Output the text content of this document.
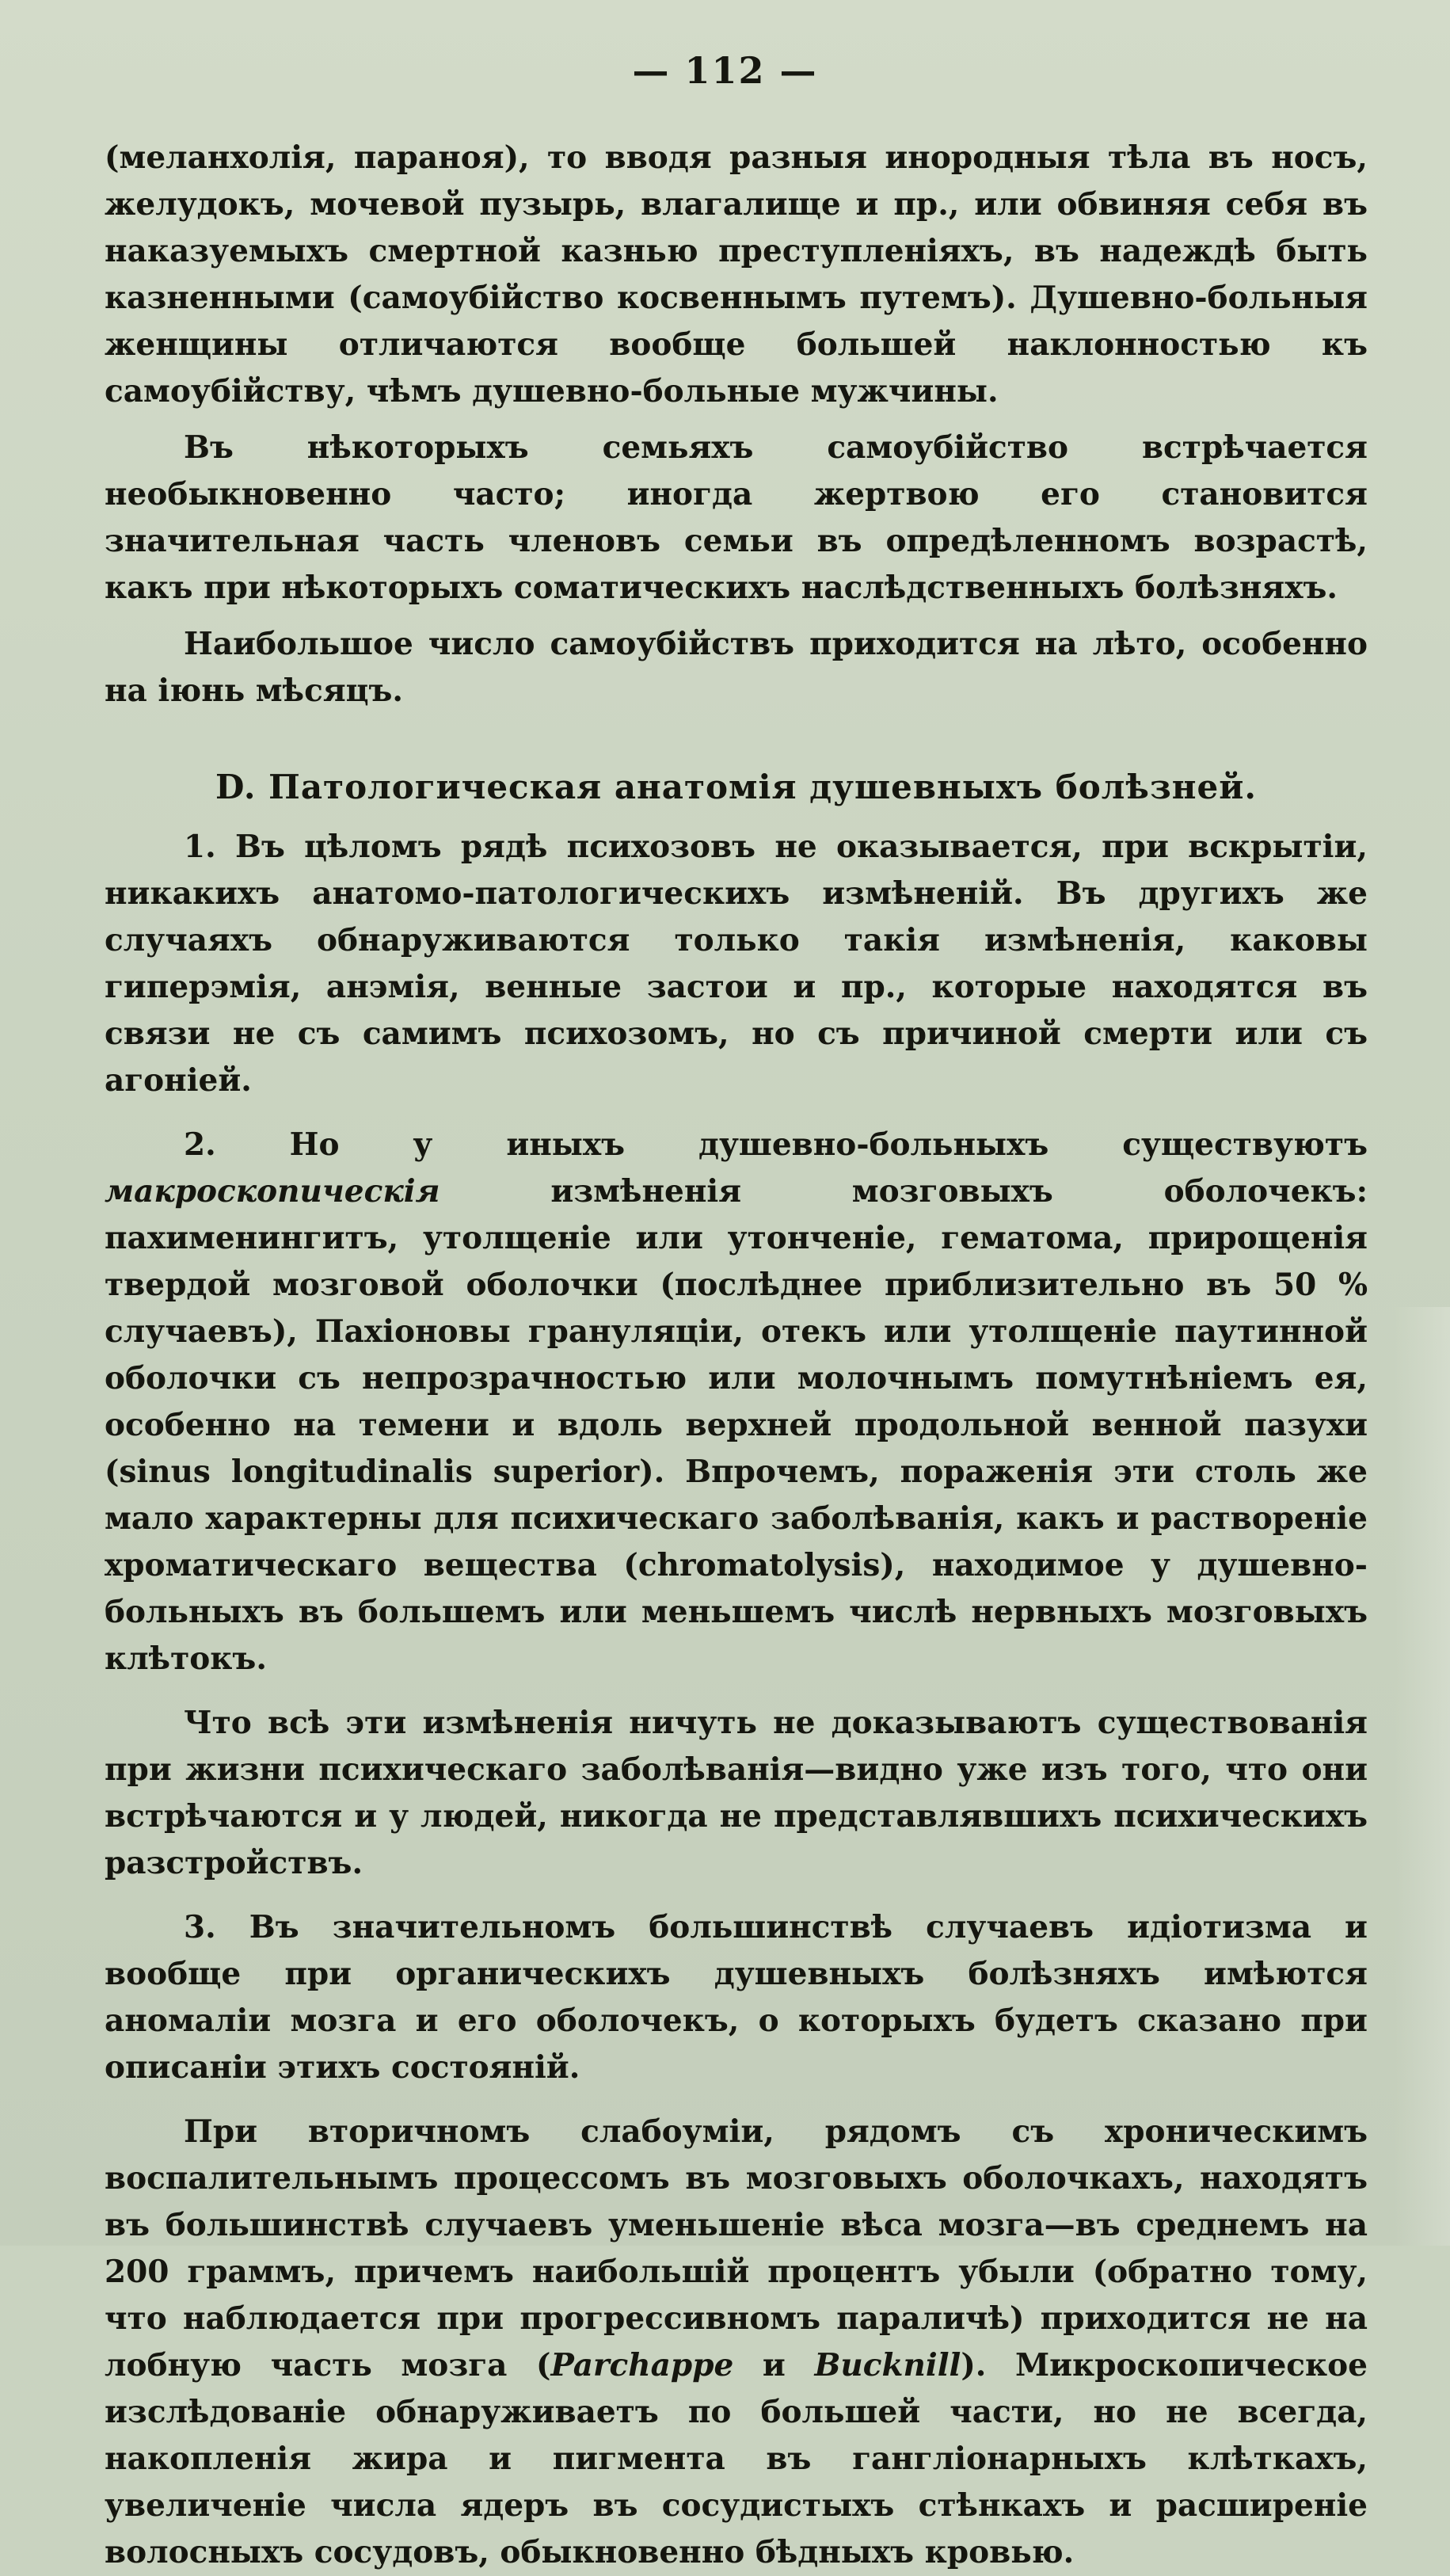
— 112 —

(меланхолія, параноя), то вводя разныя инородныя тѣла въ носъ, желудокъ, мочевой пузырь, влагалище и пр., или обвиняя себя въ наказуемыхъ смертной казнью преступленіяхъ, въ надеждѣ быть казненными (самоубійство косвеннымъ путемъ). Душевно-больныя женщины отличаются вообще большей наклонностью къ самоубійству, чѣмъ душевно-больные мужчины.

Въ нѣкоторыхъ семьяхъ самоубійство встрѣчается необыкновенно часто; иногда жертвою его становится значительная часть членовъ семьи въ опредѣленномъ возрастѣ, какъ при нѣкоторыхъ соматическихъ наслѣдственныхъ болѣзняхъ.

Наибольшое число самоубійствъ приходится на лѣто, особенно на іюнь мѣсяцъ.

D. Патологическая анатомія душевныхъ болѣзней.

1. Въ цѣломъ рядѣ психозовъ не оказывается, при вскрытіи, никакихъ анатомо-патологическихъ измѣненій. Въ другихъ же случаяхъ обнаруживаются только такія измѣненія, каковы гиперэмія, анэмія, венные застои и пр., которые находятся въ связи не съ самимъ психозомъ, но съ причиной смерти или съ агоніей.

2. Но у иныхъ душевно-больныхъ существуютъ макроскопическія	измѣненія мозговыхъ оболочекъ: пахименингитъ, утолщеніе или утонченіе, гематома, прирощенія твердой мозговой оболочки (послѣднее приблизительно въ 50 % случаевъ), Пахіоновы грануляціи, отекъ или утолщеніе паутинной оболочки съ непрозрачностью или молочнымъ помутнѣніемъ ея, особенно на темени и вдоль верхней продольной венной пазухи (sinus longitudinalis superior). Впрочемъ, пораженія эти столь же мало характерны для психическаго заболѣванія, какъ и раствореніе хроматическаго вещества (chromatolysis), находимое у душевно-больныхъ въ большемъ или меньшемъ числѣ нервныхъ мозговыхъ клѣтокъ.

Что всѣ эти измѣненія ничуть не доказываютъ существованія при жизни психическаго заболѣванія—видно уже изъ того, что они встрѣчаются и у людей, никогда не представлявшихъ психическихъ разстройствъ.

3. Въ значительномъ большинствѣ случаевъ идіотизма и вообще при органическихъ душевныхъ болѣзняхъ имѣются аномаліи мозга и его оболочекъ, о которыхъ будетъ сказано при описаніи этихъ состояній.

При вторичномъ слабоуміи, рядомъ съ хроническимъ воспалительнымъ процессомъ въ мозговыхъ оболочкахъ, находятъ въ большинствѣ случаевъ уменьшеніе вѣса мозга—въ среднемъ на 200 граммъ, причемъ наибольшій процентъ убыли (обратно тому, что наблюдается при прогрессивномъ параличѣ) приходится не на лобную часть мозга (Parchappe и Bucknill). Микроскопическое изслѣдованіе обнаруживаетъ по большей части, но не всегда, накопленія жира и пигмента въ гангліонарныхъ клѣткахъ, увеличеніе числа ядеръ въ сосудистыхъ стѣнкахъ и расширеніе волосныхъ сосудовъ, обыкновенно бѣдныхъ кровью.
